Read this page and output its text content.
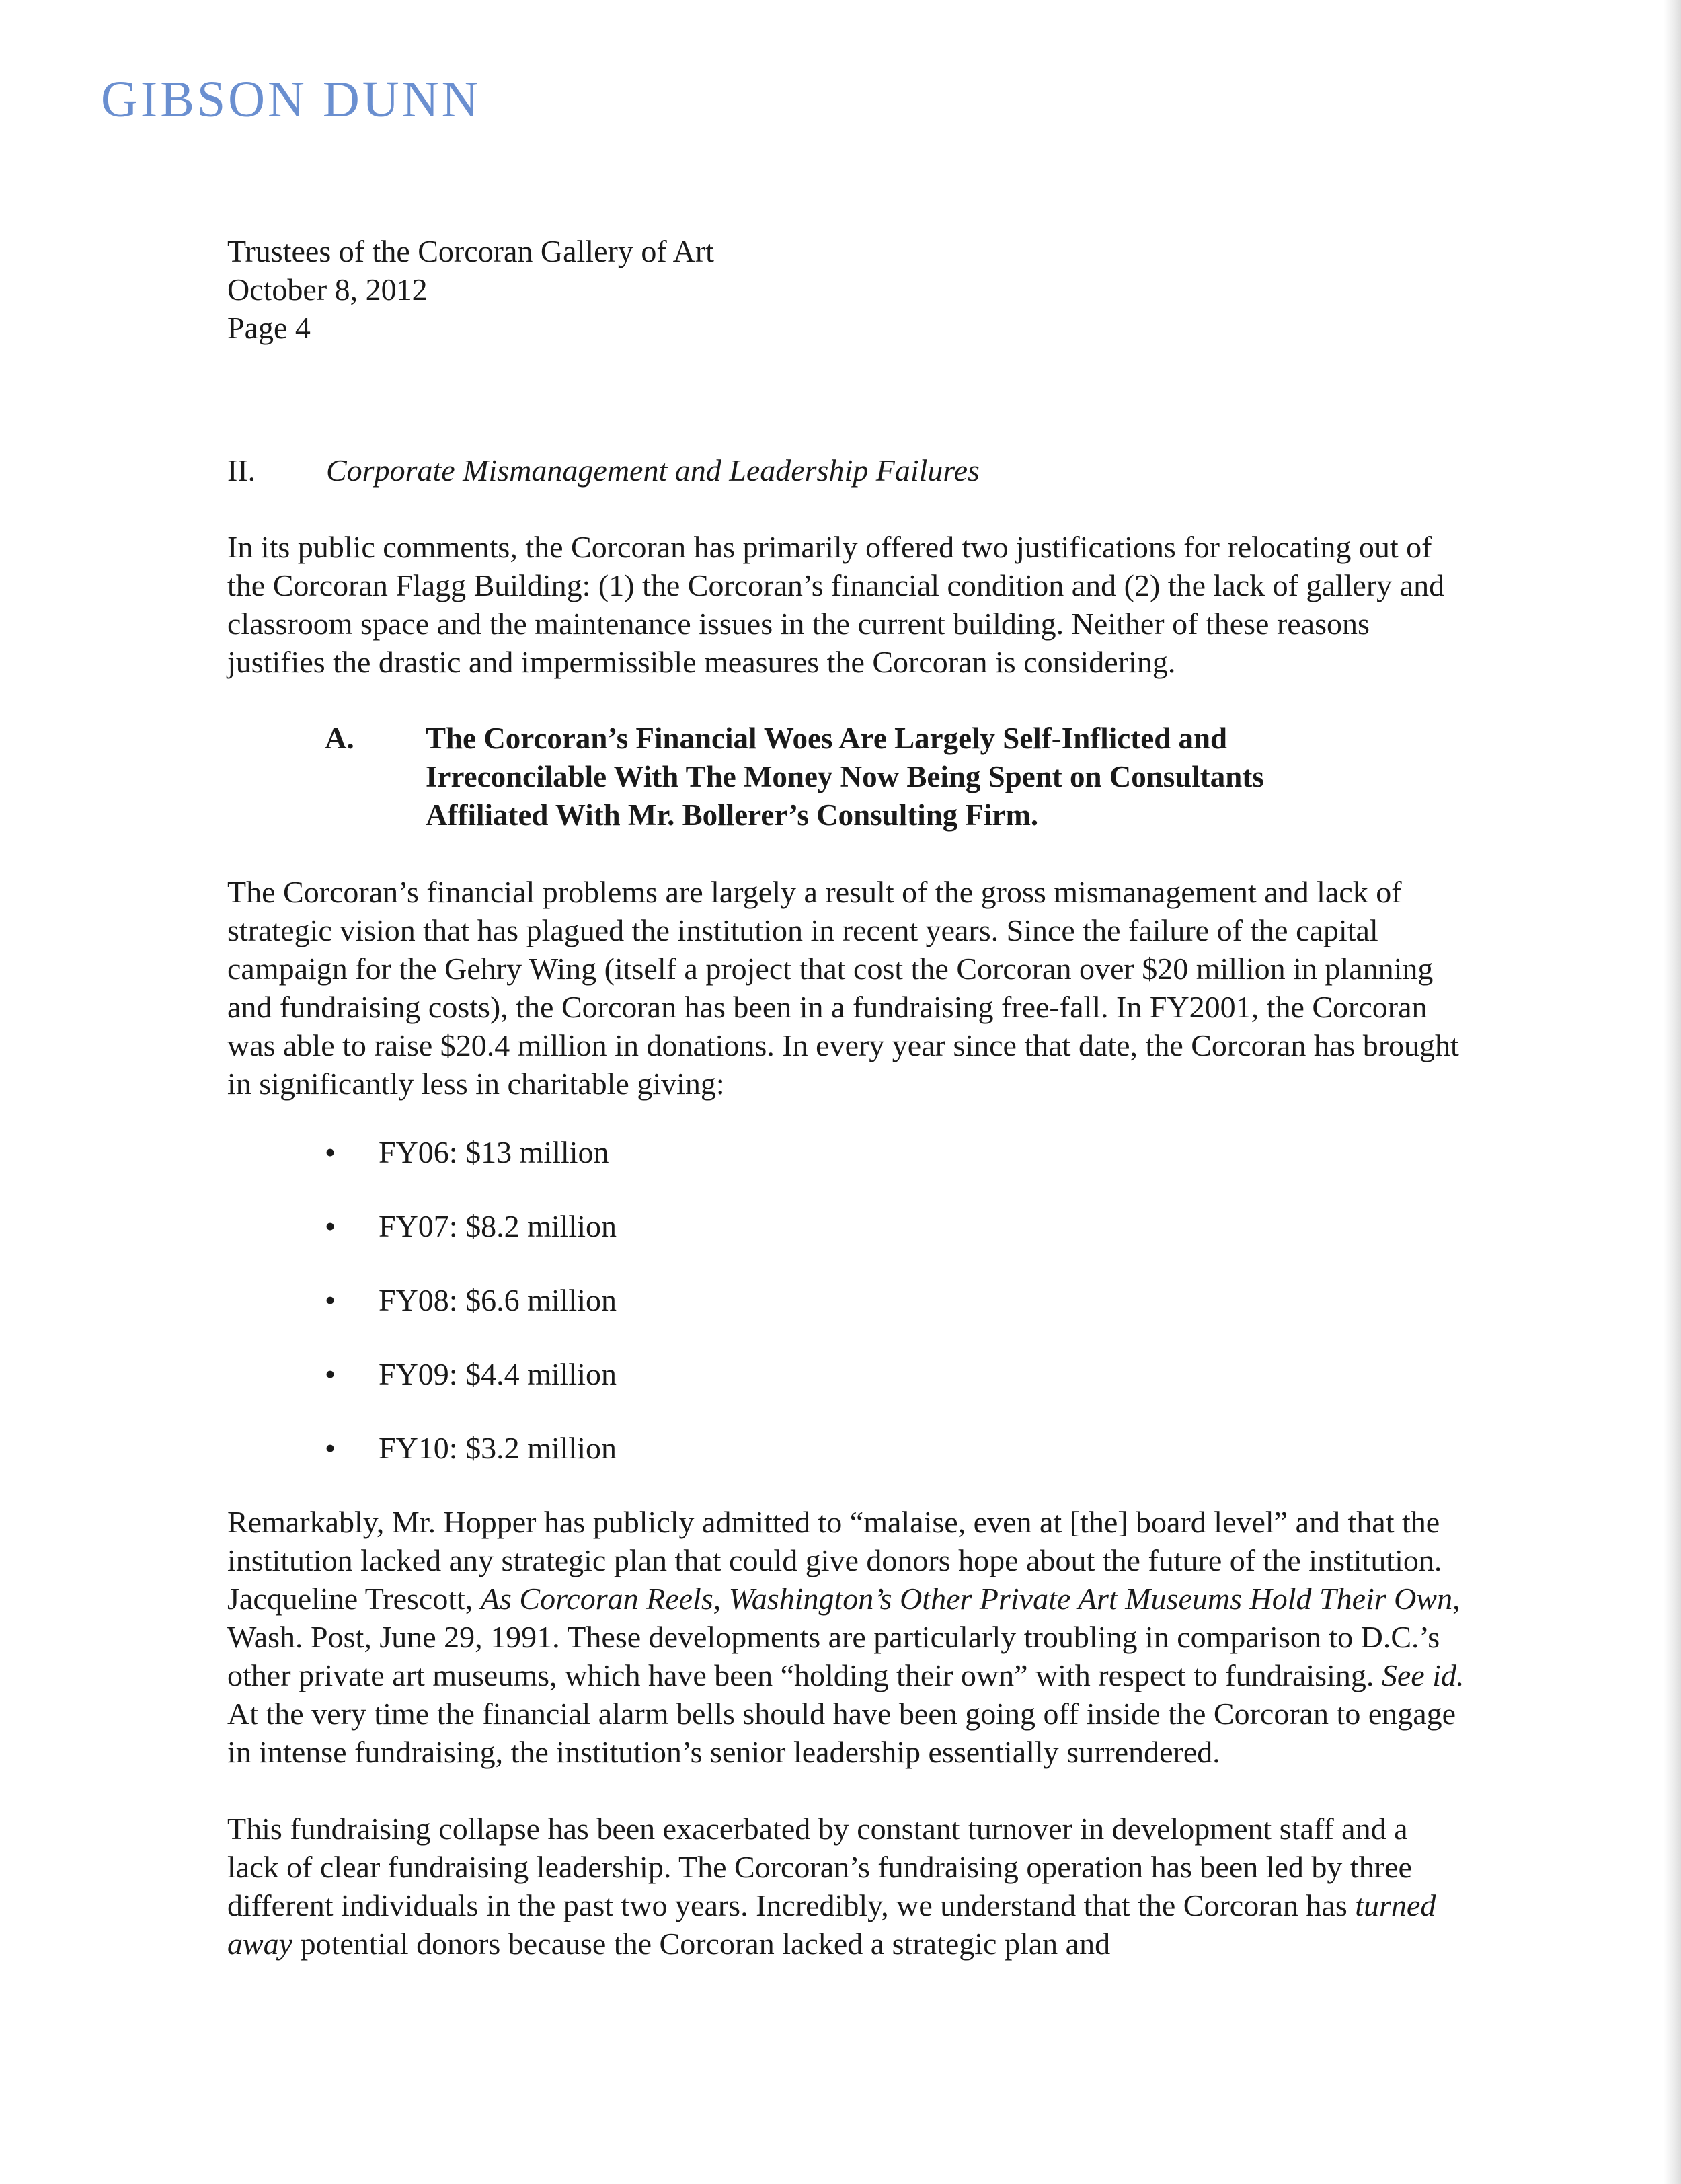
GIBSON DUNN
Trustees of the Corcoran Gallery of Art
October 8, 2012
Page 4
II.	Corporate Mismanagement and Leadership Failures

In its public comments, the Corcoran has primarily offered two justifications for relocating out of the Corcoran Flagg Building: (1) the Corcoran’s financial condition and (2) the lack of gallery and classroom space and the maintenance issues in the current building. Neither of these reasons justifies the drastic and impermissible measures the Corcoran is considering.

A.	The Corcoran’s Financial Woes Are Largely Self-Inflicted and Irreconcilable With The Money Now Being Spent on Consultants Affiliated With Mr. Bollerer’s Consulting Firm.

The Corcoran’s financial problems are largely a result of the gross mismanagement and lack of strategic vision that has plagued the institution in recent years. Since the failure of the capital campaign for the Gehry Wing (itself a project that cost the Corcoran over $20 million in planning and fundraising costs), the Corcoran has been in a fundraising free-fall. In FY2001, the Corcoran was able to raise $20.4 million in donations. In every year since that date, the Corcoran has brought in significantly less in charitable giving:

•	FY06: $13 million
•	FY07: $8.2 million
•	FY08: $6.6 million
•	FY09: $4.4 million
•	FY10: $3.2 million

Remarkably, Mr. Hopper has publicly admitted to “malaise, even at [the] board level” and that the institution lacked any strategic plan that could give donors hope about the future of the institution. Jacqueline Trescott, As Corcoran Reels, Washington’s Other Private Art Museums Hold Their Own, Wash. Post, June 29, 1991. These developments are particularly troubling in comparison to D.C.’s other private art museums, which have been “holding their own” with respect to fundraising. See id. At the very time the financial alarm bells should have been going off inside the Corcoran to engage in intense fundraising, the institution’s senior leadership essentially surrendered.

This fundraising collapse has been exacerbated by constant turnover in development staff and a lack of clear fundraising leadership. The Corcoran’s fundraising operation has been led by three different individuals in the past two years. Incredibly, we understand that the Corcoran has turned away potential donors because the Corcoran lacked a strategic plan and
